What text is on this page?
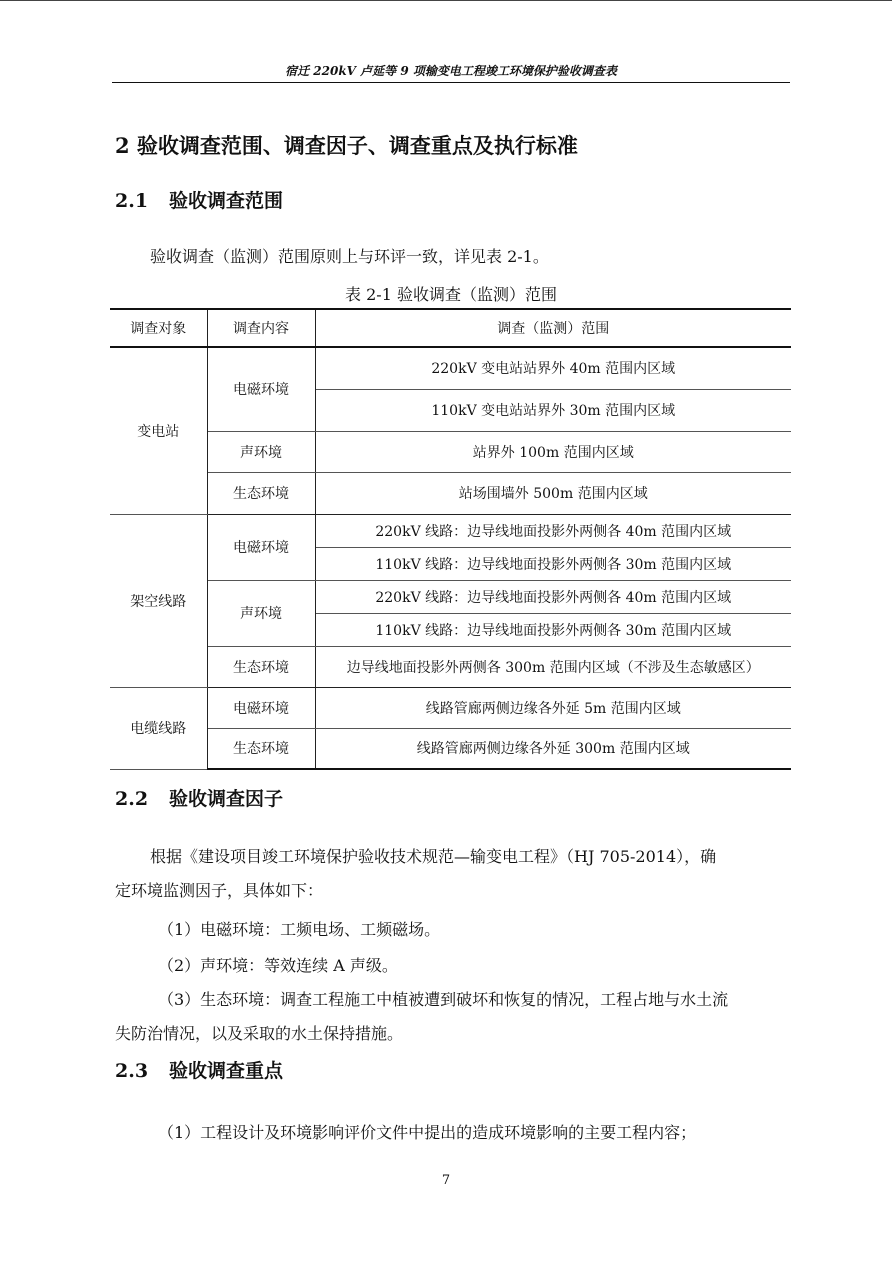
宿迁 220kV 卢延等 9 项输变电工程竣工环境保护验收调查表
2 验收调查范围、调查因子、调查重点及执行标准
2.1 验收调查范围
验收调查（监测）范围原则上与环评一致，详见表 2-1。
表 2-1 验收调查（监测）范围
调查对象	调查内容	调查（监测）范围
变电站	电磁环境	220kV 变电站站界外 40m 范围内区域
		110kV 变电站站界外 30m 范围内区域
	声环境	站界外 100m 范围内区域
	生态环境	站场围墙外 500m 范围内区域
架空线路	电磁环境	220kV 线路：边导线地面投影外两侧各 40m 范围内区域
		110kV 线路：边导线地面投影外两侧各 30m 范围内区域
	声环境	220kV 线路：边导线地面投影外两侧各 40m 范围内区域
		110kV 线路：边导线地面投影外两侧各 30m 范围内区域
	生态环境	边导线地面投影外两侧各 300m 范围内区域（不涉及生态敏感区）
电缆线路	电磁环境	线路管廊两侧边缘各外延 5m 范围内区域
	生态环境	线路管廊两侧边缘各外延 300m 范围内区域
2.2 验收调查因子
根据《建设项目竣工环境保护验收技术规范—输变电工程》（HJ 705-2014），确
定环境监测因子，具体如下：
（1）电磁环境：工频电场、工频磁场。
（2）声环境：等效连续 A 声级。
（3）生态环境：调查工程施工中植被遭到破坏和恢复的情况，工程占地与水土流
失防治情况，以及采取的水土保持措施。
2.3 验收调查重点
（1）工程设计及环境影响评价文件中提出的造成环境影响的主要工程内容；
7
